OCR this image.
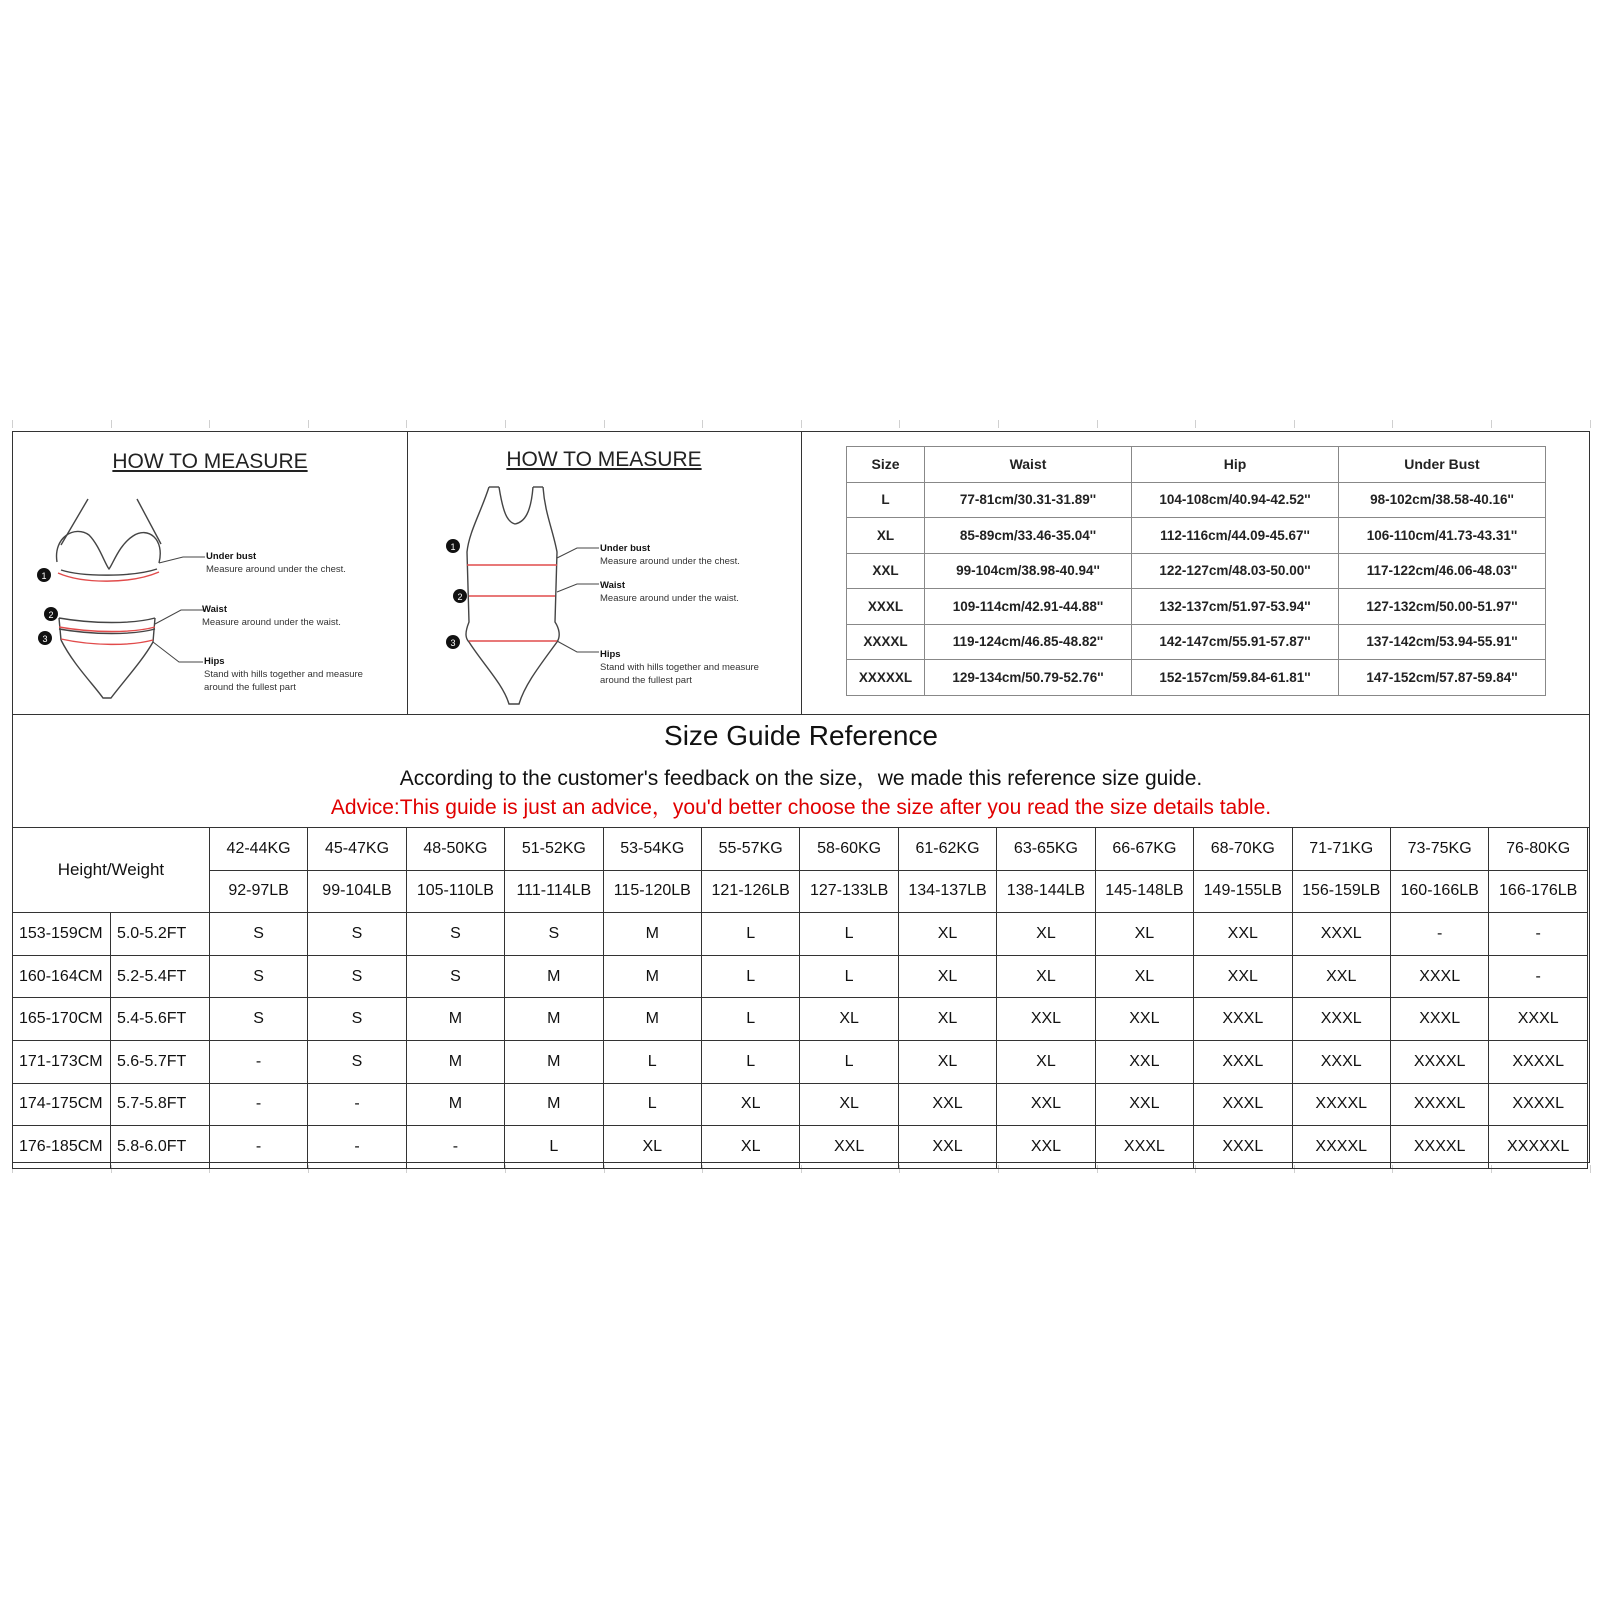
HOW TO MEASURE
1
2
3
Under bust
Measure around under the chest.
Waist
Measure around under the waist.
Hips
Stand with hills together and measure around the fullest part
HOW TO MEASURE
1
2
3
Under bust
Measure around under the chest.
Waist
Measure around under the waist.
Hips
Stand with hills together and measure around the fullest part
Size	Waist	Hip	Under Bust
L	77-81cm/30.31-31.89''	104-108cm/40.94-42.52''	98-102cm/38.58-40.16''
XL	85-89cm/33.46-35.04''	112-116cm/44.09-45.67''	106-110cm/41.73-43.31''
XXL	99-104cm/38.98-40.94''	122-127cm/48.03-50.00''	117-122cm/46.06-48.03''
XXXL	109-114cm/42.91-44.88''	132-137cm/51.97-53.94''	127-132cm/50.00-51.97''
XXXXL	119-124cm/46.85-48.82''	142-147cm/55.91-57.87''	137-142cm/53.94-55.91''
XXXXXL	129-134cm/50.79-52.76''	152-157cm/59.84-61.81''	147-152cm/57.87-59.84''
Size Guide Reference
According to the customer's feedback on the size，we made this reference size guide.
Advice:This guide is just an advice，you'd better choose the size after you read the size details table.
Height/Weight		42-44KG	45-47KG	48-50KG	51-52KG	53-54KG	55-57KG	58-60KG	61-62KG	63-65KG	66-67KG	68-70KG	71-71KG	73-75KG	76-80KG
		92-97LB	99-104LB	105-110LB	111-114LB	115-120LB	121-126LB	127-133LB	134-137LB	138-144LB	145-148LB	149-155LB	156-159LB	160-166LB	166-176LB
153-159CM	5.0-5.2FT	S	S	S	S	M	L	L	XL	XL	XL	XXL	XXXL	-	-
160-164CM	5.2-5.4FT	S	S	S	M	M	L	L	XL	XL	XL	XXL	XXL	XXXL	-
165-170CM	5.4-5.6FT	S	S	M	M	M	L	XL	XL	XXL	XXL	XXXL	XXXL	XXXL	XXXL
171-173CM	5.6-5.7FT	-	S	M	M	L	L	L	XL	XL	XXL	XXXL	XXXL	XXXXL	XXXXL
174-175CM	5.7-5.8FT	-	-	M	M	L	XL	XL	XXL	XXL	XXL	XXXL	XXXXL	XXXXL	XXXXL
176-185CM	5.8-6.0FT	-	-	-	L	XL	XL	XXL	XXL	XXL	XXXL	XXXL	XXXXL	XXXXL	XXXXXL
